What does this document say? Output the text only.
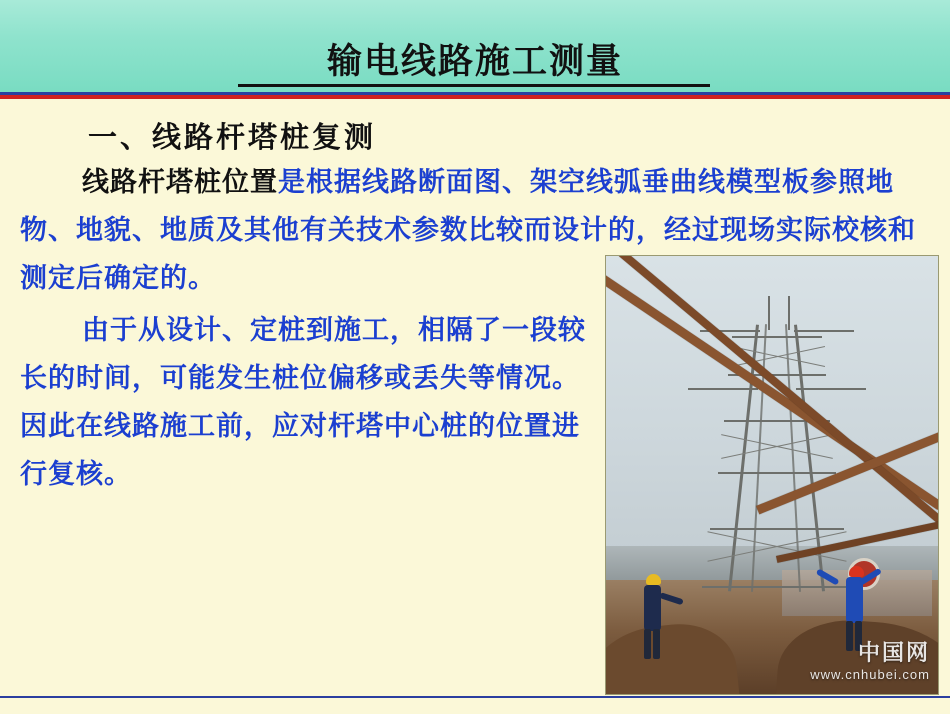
输电线路施工测量
一、线路杆塔桩复测
线路杆塔桩位置是根据线路断面图、架空线弧垂曲线模型板参照地物、地貌、地质及其他有关技术参数比较而设计的，经过现场实际校核和测定后确定的。
由于从设计、定桩到施工，相隔了一段较长的时间，可能发生桩位偏移或丢失等情况。因此在线路施工前，应对杆塔中心桩的位置进行复核。
中国网
www.cnhubei.com
